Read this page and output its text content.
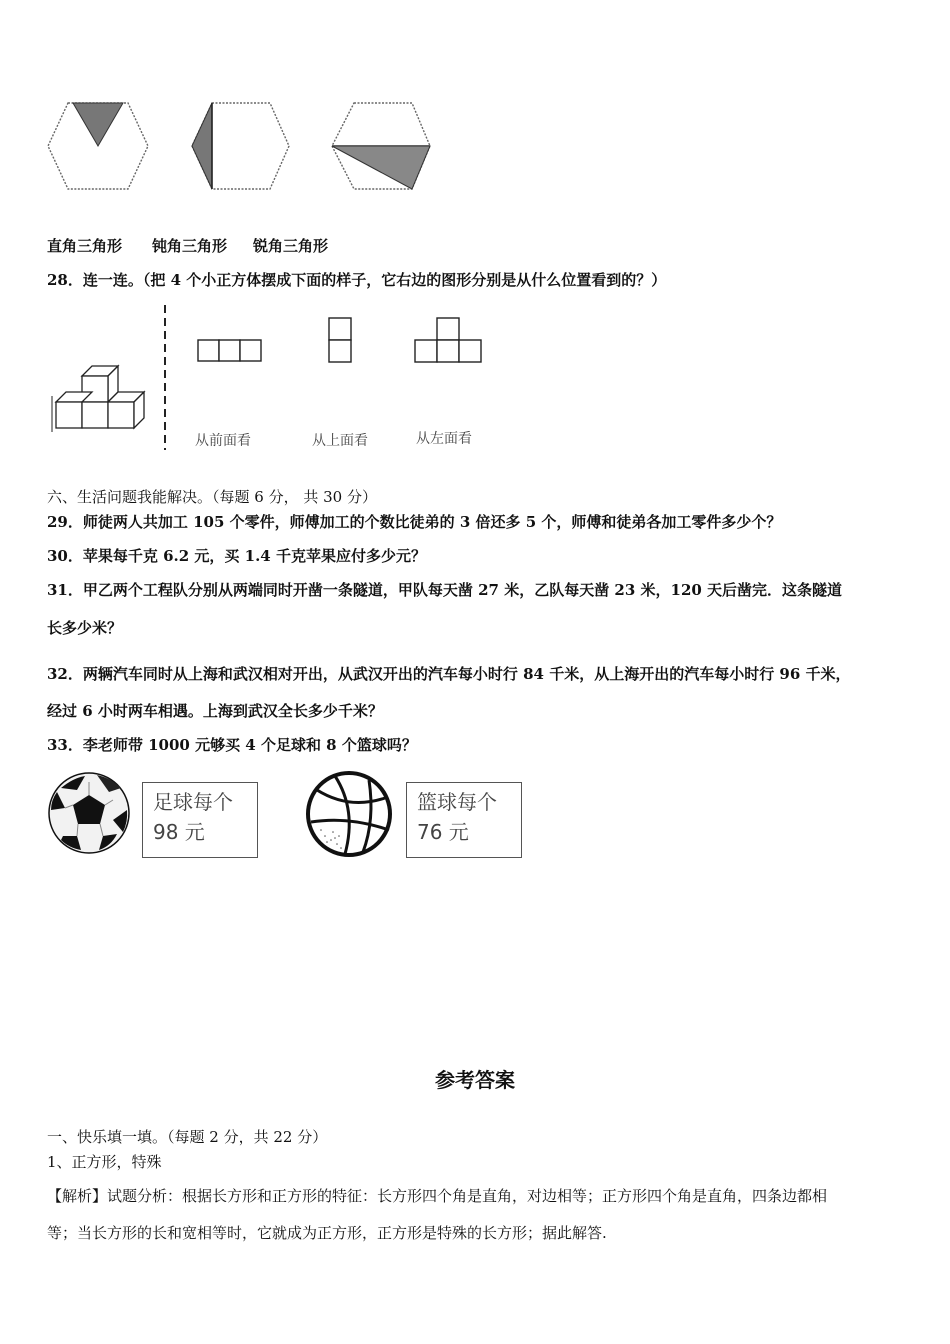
直角三角形 钝角三角形 锐角三角形
28．连一连。（把 4 个小正方体摆成下面的样子，它右边的图形分别是从什么位置看到的？）
从前面看	从上面看	从左面看
六、生活问题我能解决。（每题 6 分， 共 30 分）
29．师徒两人共加工 105 个零件，师傅加工的个数比徒弟的 3 倍还多 5 个，师傅和徒弟各加工零件多少个？
30．苹果每千克 6.2 元，买 1.4 千克苹果应付多少元？
31．甲乙两个工程队分别从两端同时开凿一条隧道，甲队每天凿 27 米，乙队每天凿 23 米，120 天后凿完．这条隧道
长多少米？
32．两辆汽车同时从上海和武汉相对开出，从武汉开出的汽车每小时行 84 千米，从上海开出的汽车每小时行 96 千米，
经过 6 小时两车相遇。上海到武汉全长多少千米？
33．李老师带 1000 元够买 4 个足球和 8 个篮球吗？
足球每个
98 元
篮球每个
76 元
参考答案
一、快乐填一填。（每题 2 分，共 22 分）
1、正方形，特殊
【解析】试题分析：根据长方形和正方形的特征：长方形四个角是直角，对边相等；正方形四个角是直角，四条边都相
等；当长方形的长和宽相等时，它就成为正方形，正方形是特殊的长方形；据此解答.
